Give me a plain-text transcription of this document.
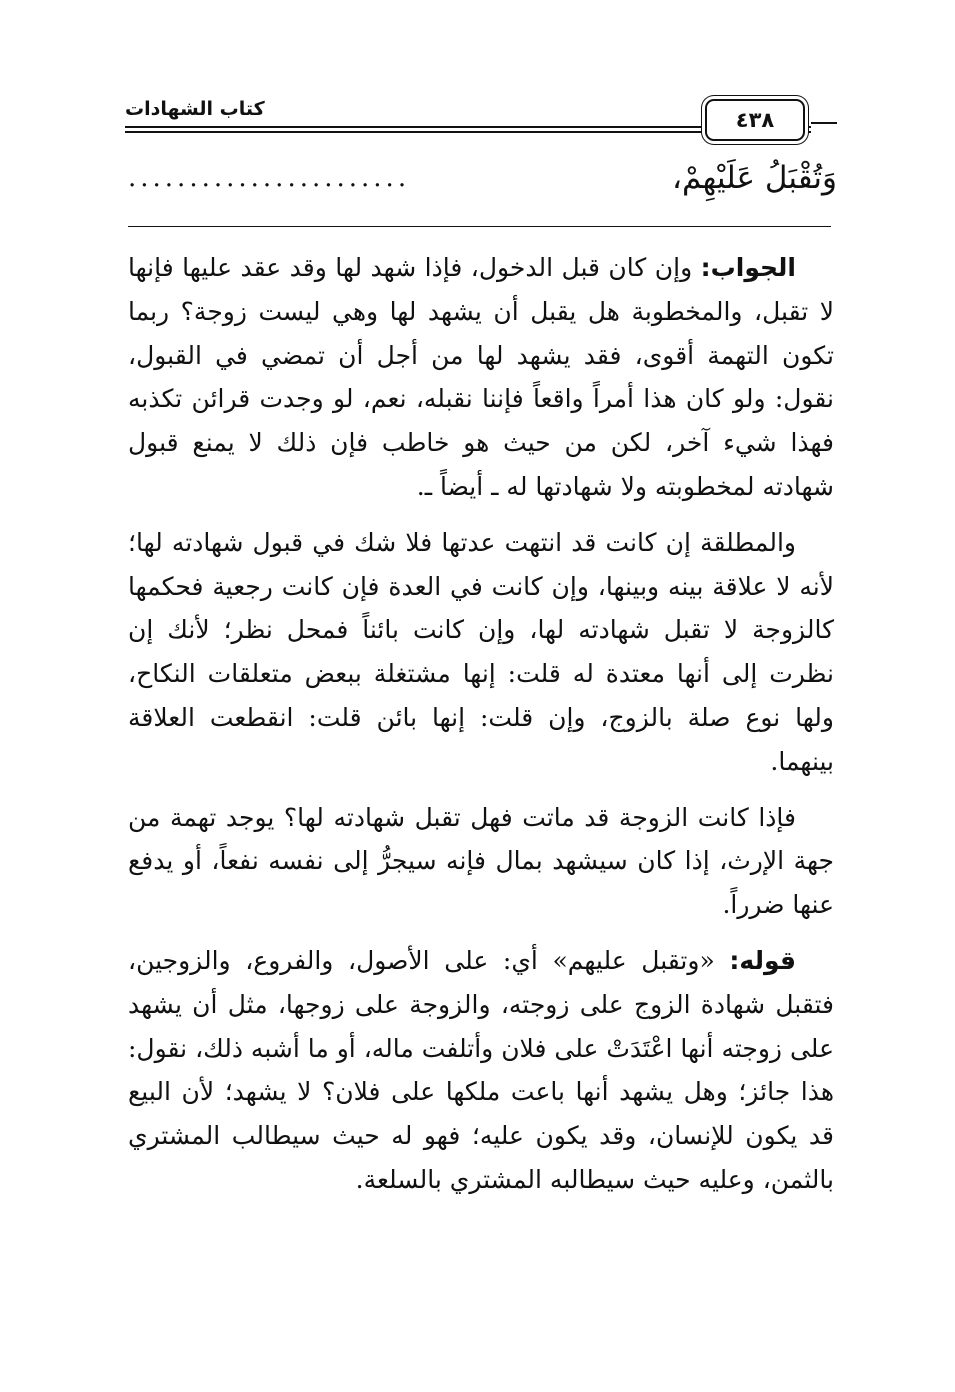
كتاب الشهادات	٤٣٨
وَتُقْبَلُ عَلَيْهِمْ،
.......................

الجواب: وإن كان قبل الدخول، فإذا شهد لها وقد عقد عليها فإنها لا تقبل، والمخطوبة هل يقبل أن يشهد لها وهي ليست زوجة؟ ربما تكون التهمة أقوى، فقد يشهد لها من أجل أن تمضي في القبول، نقول: ولو كان هذا أمراً واقعاً فإننا نقبله، نعم، لو وجدت قرائن تكذبه فهذا شيء آخر، لكن من حيث هو خاطب فإن ذلك لا يمنع قبول شهادته لمخطوبته ولا شهادتها له ـ أيضاً ـ.

والمطلقة إن كانت قد انتهت عدتها فلا شك في قبول شهادته لها؛ لأنه لا علاقة بينه وبينها، وإن كانت في العدة فإن كانت رجعية فحكمها كالزوجة لا تقبل شهادته لها، وإن كانت بائناً فمحل نظر؛ لأنك إن نظرت إلى أنها معتدة له قلت: إنها مشتغلة ببعض متعلقات النكاح، ولها نوع صلة بالزوج، وإن قلت: إنها بائن قلت: انقطعت العلاقة بينهما.

فإذا كانت الزوجة قد ماتت فهل تقبل شهادته لها؟ يوجد تهمة من جهة الإرث، إذا كان سيشهد بمال فإنه سيجرُّ إلى نفسه نفعاً، أو يدفع عنها ضرراً.

قوله: «وتقبل عليهم» أي: على الأصول، والفروع، والزوجين، فتقبل شهادة الزوج على زوجته، والزوجة على زوجها، مثل أن يشهد على زوجته أنها اعْتَدَتْ على فلان وأتلفت ماله، أو ما أشبه ذلك، نقول: هذا جائز؛ وهل يشهد أنها باعت ملكها على فلان؟ لا يشهد؛ لأن البيع قد يكون للإنسان، وقد يكون عليه؛ فهو له حيث سيطالب المشتري بالثمن، وعليه حيث سيطالبه المشتري بالسلعة.
